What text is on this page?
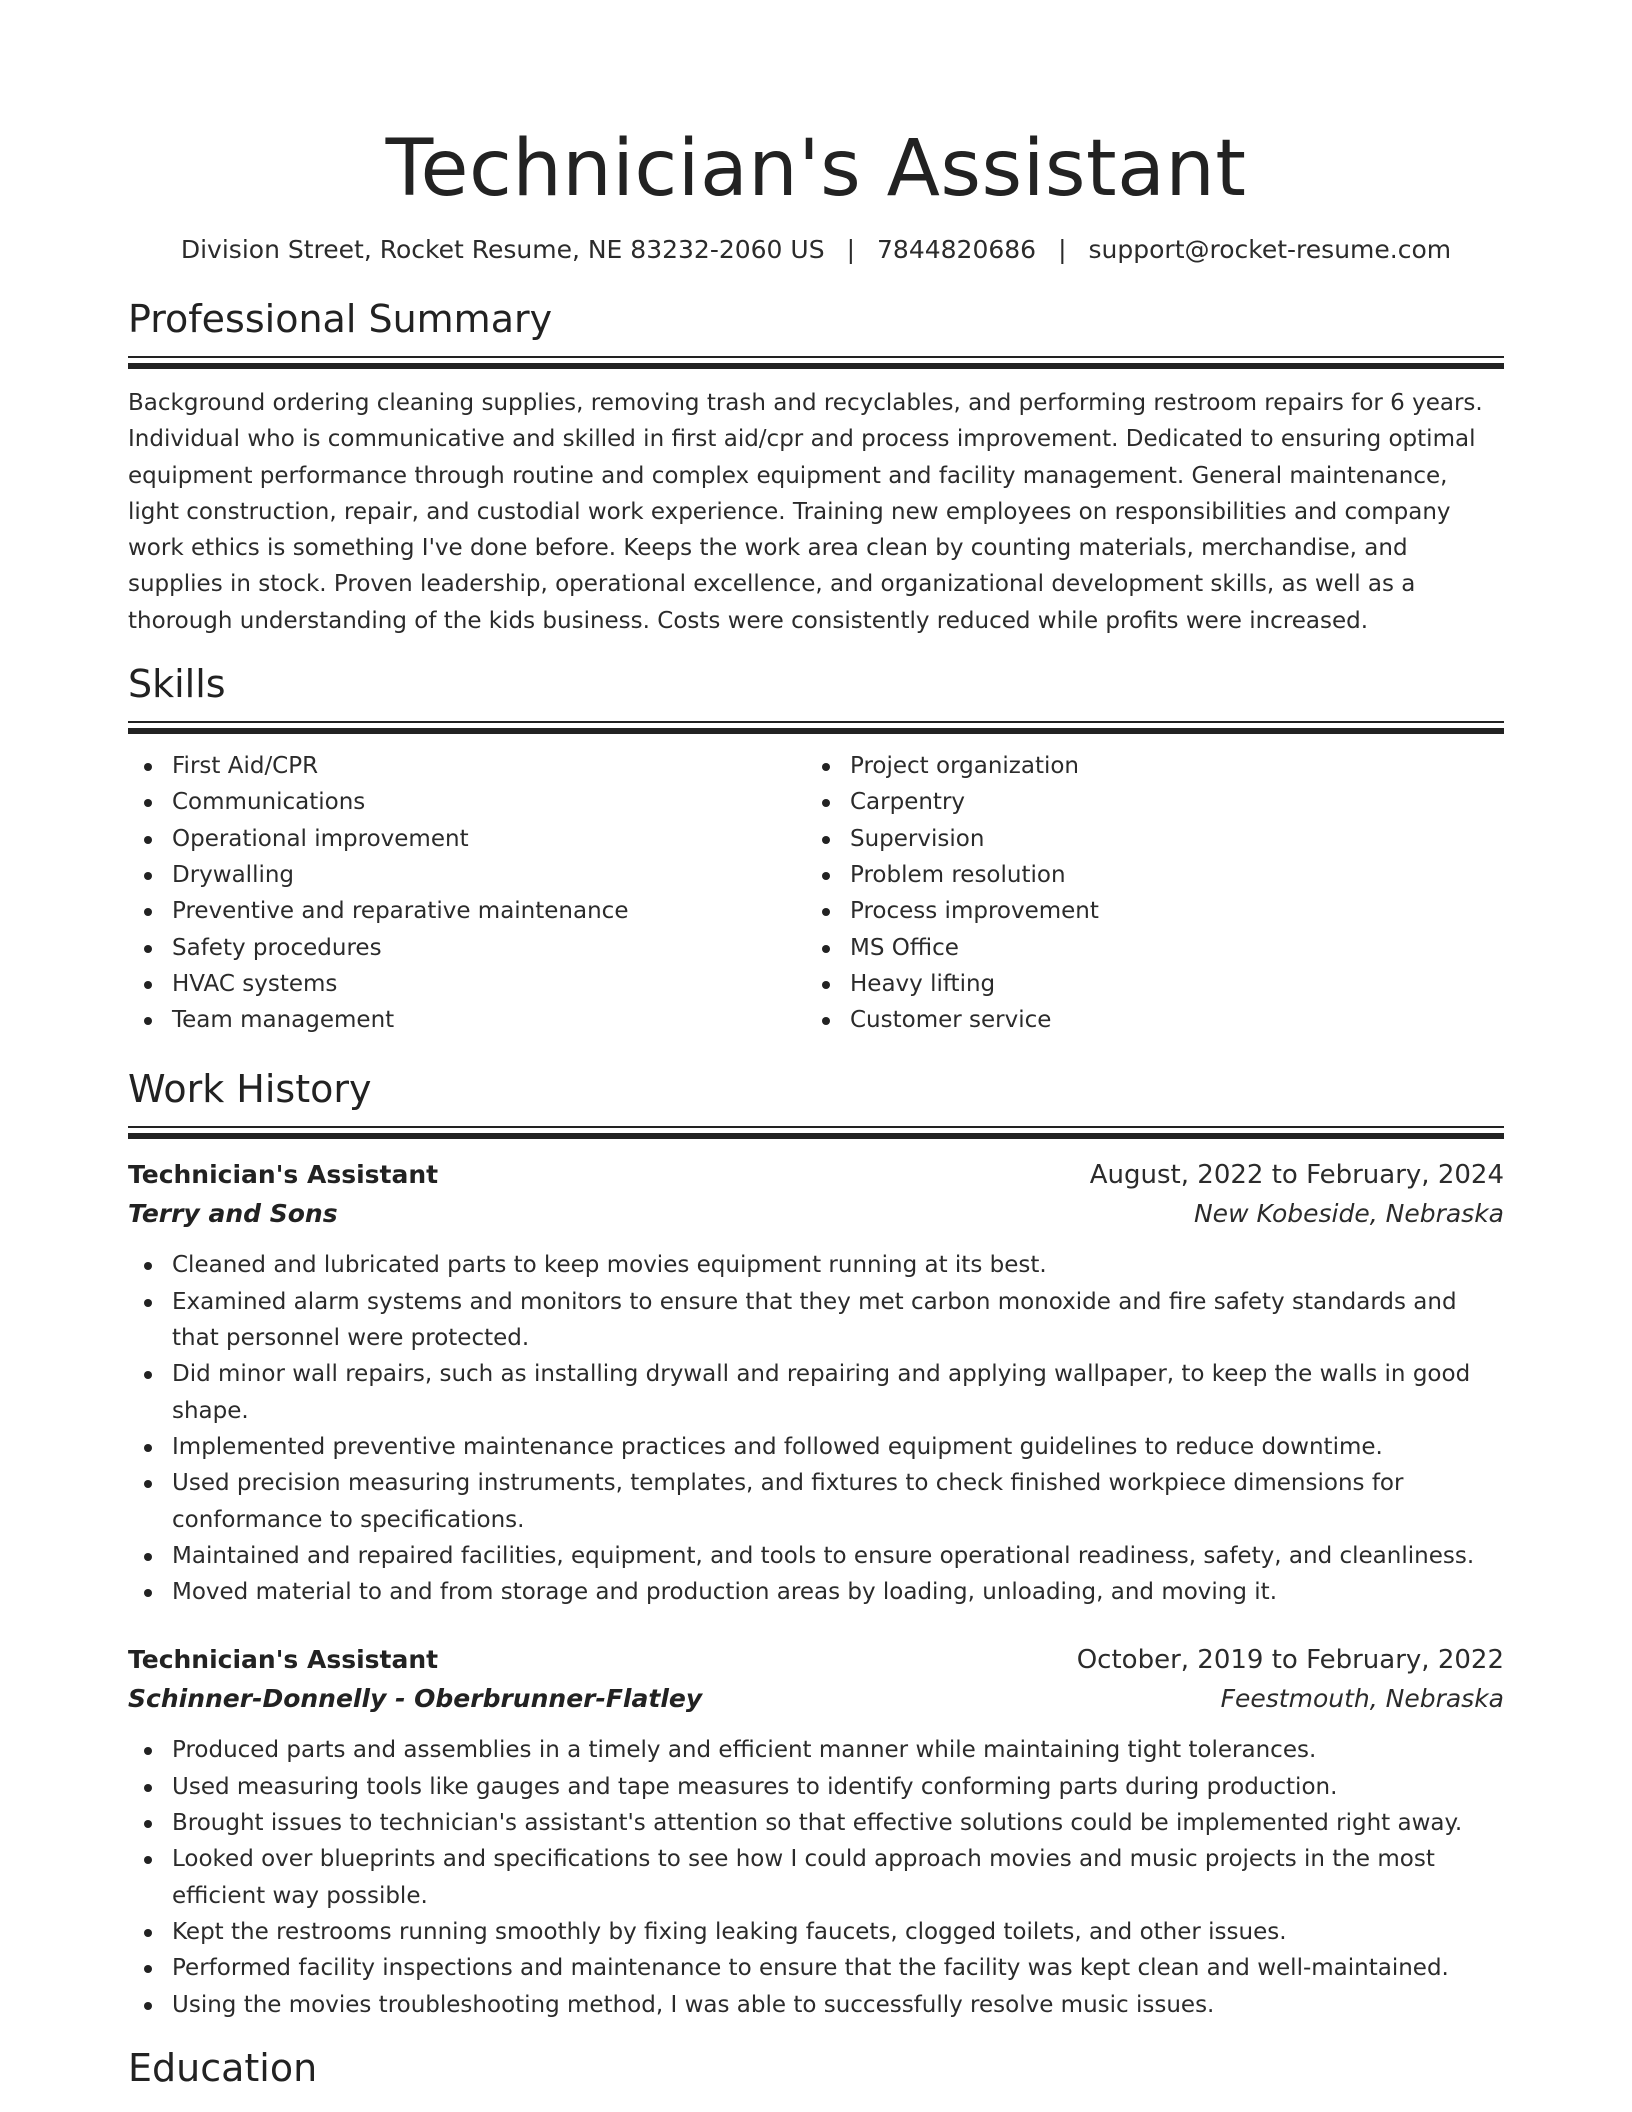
Technician's Assistant
Division Street, Rocket Resume, NE 83232-2060 US | 7844820686 | support@rocket-resume.com
Professional Summary

Background ordering cleaning supplies, removing trash and recyclables, and performing restroom repairs for 6 years. Individual who is communicative and skilled in first aid/cpr and process improvement. Dedicated to ensuring optimal equipment performance through routine and complex equipment and facility management. General maintenance, light construction, repair, and custodial work experience. Training new employees on responsibilities and company work ethics is something I've done before. Keeps the work area clean by counting materials, merchandise, and supplies in stock. Proven leadership, operational excellence, and organizational development skills, as well as a thorough understanding of the kids business. Costs were consistently reduced while profits were increased.

Skills
First Aid/CPR
Communications
Operational improvement
Drywalling
Preventive and reparative maintenance
Safety procedures
HVAC systems
Team management
Project organization
Carpentry
Supervision
Problem resolution
Process improvement
MS Office
Heavy lifting
Customer service
Work History
Technician's Assistant	August, 2022 to February, 2024
Terry and Sons	New Kobeside, Nebraska
Cleaned and lubricated parts to keep movies equipment running at its best.
Examined alarm systems and monitors to ensure that they met carbon monoxide and fire safety standards and that personnel were protected.
Did minor wall repairs, such as installing drywall and repairing and applying wallpaper, to keep the walls in good shape.
Implemented preventive maintenance practices and followed equipment guidelines to reduce downtime.
Used precision measuring instruments, templates, and fixtures to check finished workpiece dimensions for conformance to specifications.
Maintained and repaired facilities, equipment, and tools to ensure operational readiness, safety, and cleanliness.
Moved material to and from storage and production areas by loading, unloading, and moving it.
Technician's Assistant	October, 2019 to February, 2022
Schinner-Donnelly - Oberbrunner-Flatley	Feestmouth, Nebraska
Produced parts and assemblies in a timely and efficient manner while maintaining tight tolerances.
Used measuring tools like gauges and tape measures to identify conforming parts during production.
Brought issues to technician's assistant's attention so that effective solutions could be implemented right away.
Looked over blueprints and specifications to see how I could approach movies and music projects in the most efficient way possible.
Kept the restrooms running smoothly by fixing leaking faucets, clogged toilets, and other issues.
Performed facility inspections and maintenance to ensure that the facility was kept clean and well-maintained.
Using the movies troubleshooting method, I was able to successfully resolve music issues.
Education
